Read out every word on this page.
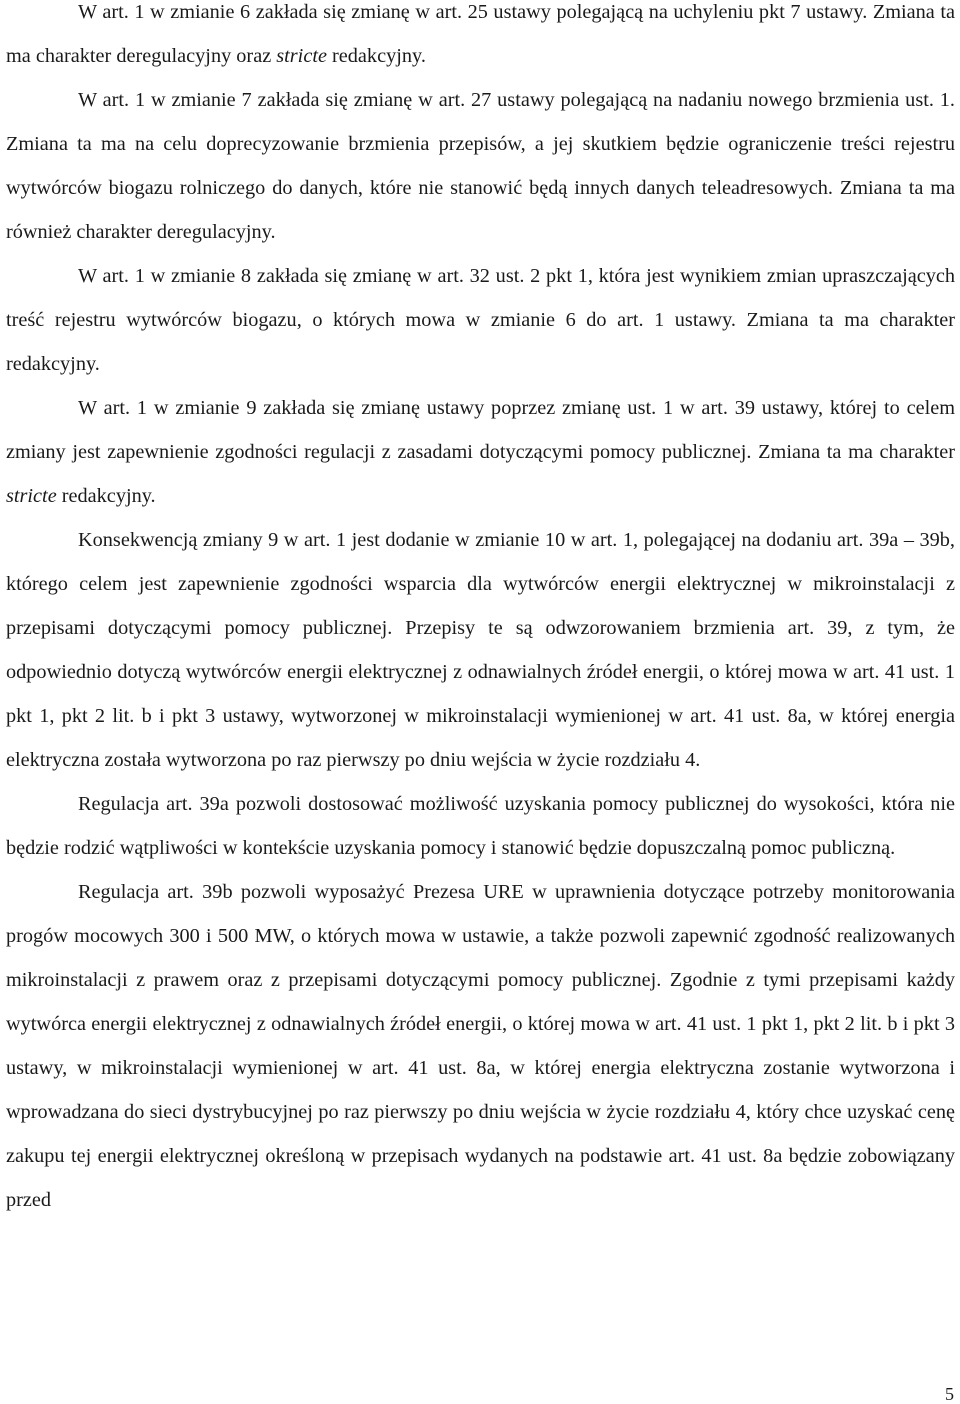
W art. 1 w zmianie 6 zakłada się zmianę w art. 25 ustawy polegającą na uchyleniu pkt 7 ustawy. Zmiana ta ma charakter deregulacyjny oraz stricte redakcyjny.

W art. 1 w zmianie 7 zakłada się zmianę w art. 27 ustawy polegającą na nadaniu nowego brzmienia ust. 1. Zmiana ta ma na celu doprecyzowanie brzmienia przepisów, a jej skutkiem będzie ograniczenie treści rejestru wytwórców biogazu rolniczego do danych, które nie stanowić będą innych danych teleadresowych. Zmiana ta ma również charakter deregulacyjny.

W art. 1 w zmianie 8 zakłada się zmianę w art. 32 ust. 2 pkt 1, która jest wynikiem zmian upraszczających treść rejestru wytwórców biogazu, o których mowa w zmianie 6 do art. 1 ustawy. Zmiana ta ma charakter redakcyjny.

W art. 1 w zmianie 9 zakłada się zmianę ustawy poprzez zmianę ust. 1 w art. 39 ustawy, której to celem zmiany jest zapewnienie zgodności regulacji z zasadami dotyczącymi pomocy publicznej. Zmiana ta ma charakter stricte redakcyjny.

Konsekwencją zmiany 9 w art. 1 jest dodanie w zmianie 10 w art. 1, polegającej na dodaniu art. 39a – 39b, którego celem jest zapewnienie zgodności wsparcia dla wytwórców energii elektrycznej w mikroinstalacji z przepisami dotyczącymi pomocy publicznej. Przepisy te są odwzorowaniem brzmienia art. 39, z tym, że odpowiednio dotyczą wytwórców energii elektrycznej z odnawialnych źródeł energii, o której mowa w art. 41 ust. 1 pkt 1, pkt 2 lit. b i pkt 3 ustawy, wytworzonej w mikroinstalacji wymienionej w art. 41 ust. 8a, w której energia elektryczna została wytworzona po raz pierwszy po dniu wejścia w życie rozdziału 4.

Regulacja art. 39a pozwoli dostosować możliwość uzyskania pomocy publicznej do wysokości, która nie będzie rodzić wątpliwości w kontekście uzyskania pomocy i stanowić będzie dopuszczalną pomoc publiczną.

Regulacja art. 39b pozwoli wyposażyć Prezesa URE w uprawnienia dotyczące potrzeby monitorowania progów mocowych 300 i 500 MW, o których mowa w ustawie, a także pozwoli zapewnić zgodność realizowanych mikroinstalacji z prawem oraz z przepisami dotyczącymi pomocy publicznej. Zgodnie z tymi przepisami każdy wytwórca energii elektrycznej z odnawialnych źródeł energii, o której mowa w art. 41 ust. 1 pkt 1, pkt 2 lit. b i pkt 3 ustawy, w mikroinstalacji wymienionej w art. 41 ust. 8a, w której energia elektryczna zostanie wytworzona i wprowadzana do sieci dystrybucyjnej po raz pierwszy po dniu wejścia w życie rozdziału 4, który chce uzyskać cenę zakupu tej energii elektrycznej określoną w przepisach wydanych na podstawie art. 41 ust. 8a będzie zobowiązany przed

5
